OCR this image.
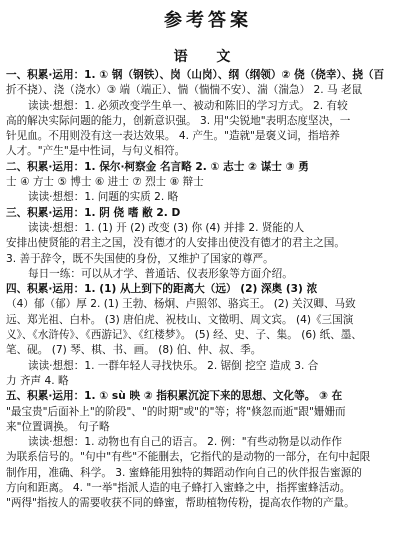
参考答案
语 文
一、积累·运用：1. ① 钢（钢铁）、岗（山岗）、纲（纲领）② 侥（侥幸）、挠（百
折不挠）、浇（浇水）③ 端（端正）、惴（惴惴不安）、湍（湍急） 2. 马 老鼠
读读·想想：1. 必须改变学生单一、被动和陈旧的学习方式。 2. 有较
高的解决实际问题的能力，创新意识强。 3. 用"尖锐地"表明态度坚决，一
针见血。不用则没有这一表达效果。 4. 产生。"造就"是褒义词，指培养
人才。"产生"是中性词，与句义相符。
二、积累·运用：1. 保尔·柯察金 名言略 2. ① 志士 ② 谋士 ③ 勇
士 ④ 方士 ⑤ 博士 ⑥ 进士 ⑦ 烈士 ⑧ 辩士
读读·想想：1. 问题的实质 2. 略
三、积累·运用：1. 阴 侥 嗜 敝 2. D
读读·想想：1. (1) 开 (2) 改变 (3) 你 (4) 并排 2. 贤能的人
安排出使贤能的君主之国，没有德才的人安排出使没有德才的君主之国。
3. 善于辞令，既不失国使的身份，又维护了国家的尊严。
每日一练：可以从才学、普通话、仪表形象等方面介绍。
四、积累·运用：1. (1) 从上到下的距离大（远） (2) 深奥 (3) 浓
（4）郁（郁）厚 2. (1) 王勃、杨炯、卢照邻、骆宾王。 (2) 关汉卿、马致
远、郑光祖、白朴。 (3) 唐伯虎、祝枝山、文徵明、周文宾。 (4)《三国演
义》、《水浒传》、《西游记》、《红楼梦》。 (5) 经、史、子、集。 (6) 纸、墨、
笔、砚。 (7) 琴、棋、书、画。 (8) 伯、仲、叔、季。
读读·想想：1. 一群年轻人寻找快乐。 2. 锯倒 挖空 造成 3. 合
力 齐声 4. 略
五、积累·运用：1. ① sù 映 ② 指积累沉淀下来的思想、文化等。 ③ 在
"最宝贵"后面补上"的阶段"、"的时期"或"的"等；将"倏忽而逝"跟"姗姗而
来"位置调换。 句子略
读读·想想：1. 动物也有自己的语言。 2. 例："有些动物是以动作作
为联系信号的。"句中"有些"不能删去，它指代的是动物的一部分，在句中起限
制作用，准确、科学。 3. 蜜蜂能用独特的舞蹈动作向自己的伙伴报告蜜源的
方向和距离。 4. "一举"指派人造的电子蜂打入蜜蜂之中，指挥蜜蜂活动。
"两得"指按人的需要收获不同的蜂蜜，帮助植物传粉，提高农作物的产量。
